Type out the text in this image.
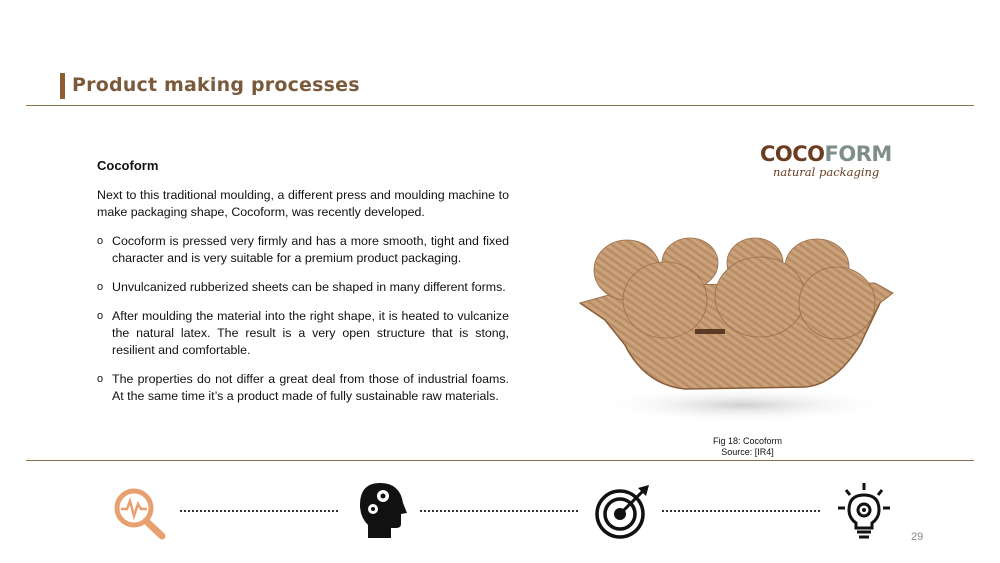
Product making processes
Cocoform

Next to this traditional moulding, a different press and moulding machine to make packaging shape, Cocoform, was recently developed.

o Cocoform is pressed very firmly and has a more smooth, tight and fixed character and is very suitable for a premium product packaging.
o Unvulcanized rubberized sheets can be shaped in many different forms.
o After moulding the material into the right shape, it is heated to vulcanize the natural latex. The result is a very open structure that is stong, resilient and comfortable.
o The properties do not differ a great deal from those of industrial foams. At the same time it’s a product made of fully sustainable raw materials.
COCOFORM
natural packaging
Fig 18: Cocoform
Source: [IR4]
29
